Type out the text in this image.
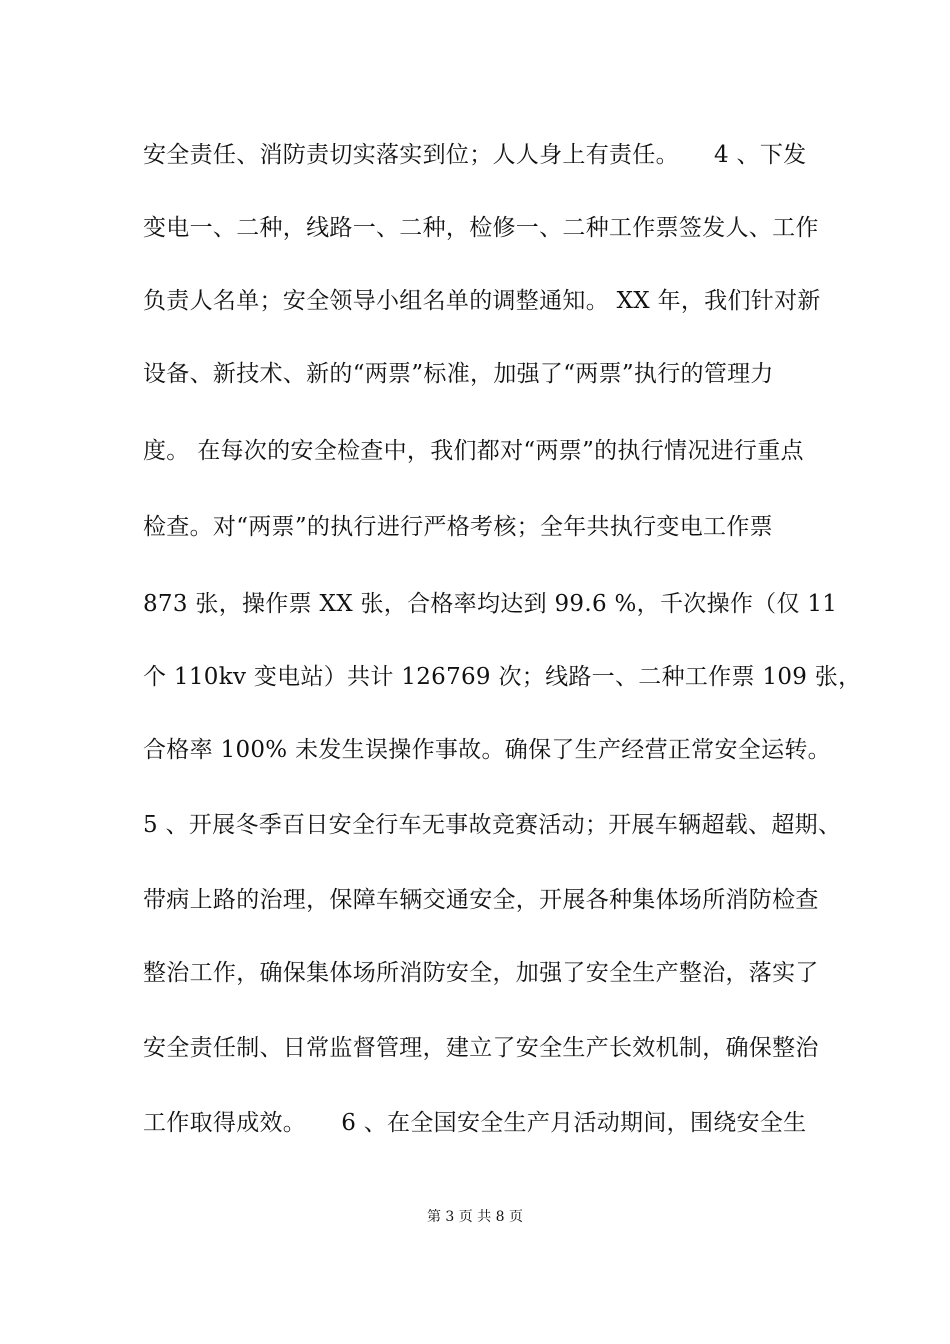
安全责任、消防责切实落实到位；人人身上有责任。　　4 、下发
变电一、二种，线路一、二种，检修一、二种工作票签发人、工作
负责人名单；安全领导小组名单的调整通知。 XX 年，我们针对新
设备、新技术、新的“两票”标准，加强了“两票”执行的管理力
度。 在每次的安全检查中，我们都对“两票”的执行情况进行重点
检查。对“两票”的执行进行严格考核；全年共执行变电工作票
873 张，操作票 XX 张，合格率均达到 99.6 %，千次操作（仅 11
个 110kv 变电站）共计 126769 次；线路一、二种工作票 109 张，
合格率 100% 未发生误操作事故。确保了生产经营正常安全运转。
5 、开展冬季百日安全行车无事故竞赛活动；开展车辆超载、超期、
带病上路的治理，保障车辆交通安全，开展各种集体场所消防检查
整治工作，确保集体场所消防安全，加强了安全生产整治，落实了
安全责任制、日常监督管理，建立了安全生产长效机制，确保整治
工作取得成效。　　6 、在全国安全生产月活动期间，围绕安全生
第 3 页 共 8 页
